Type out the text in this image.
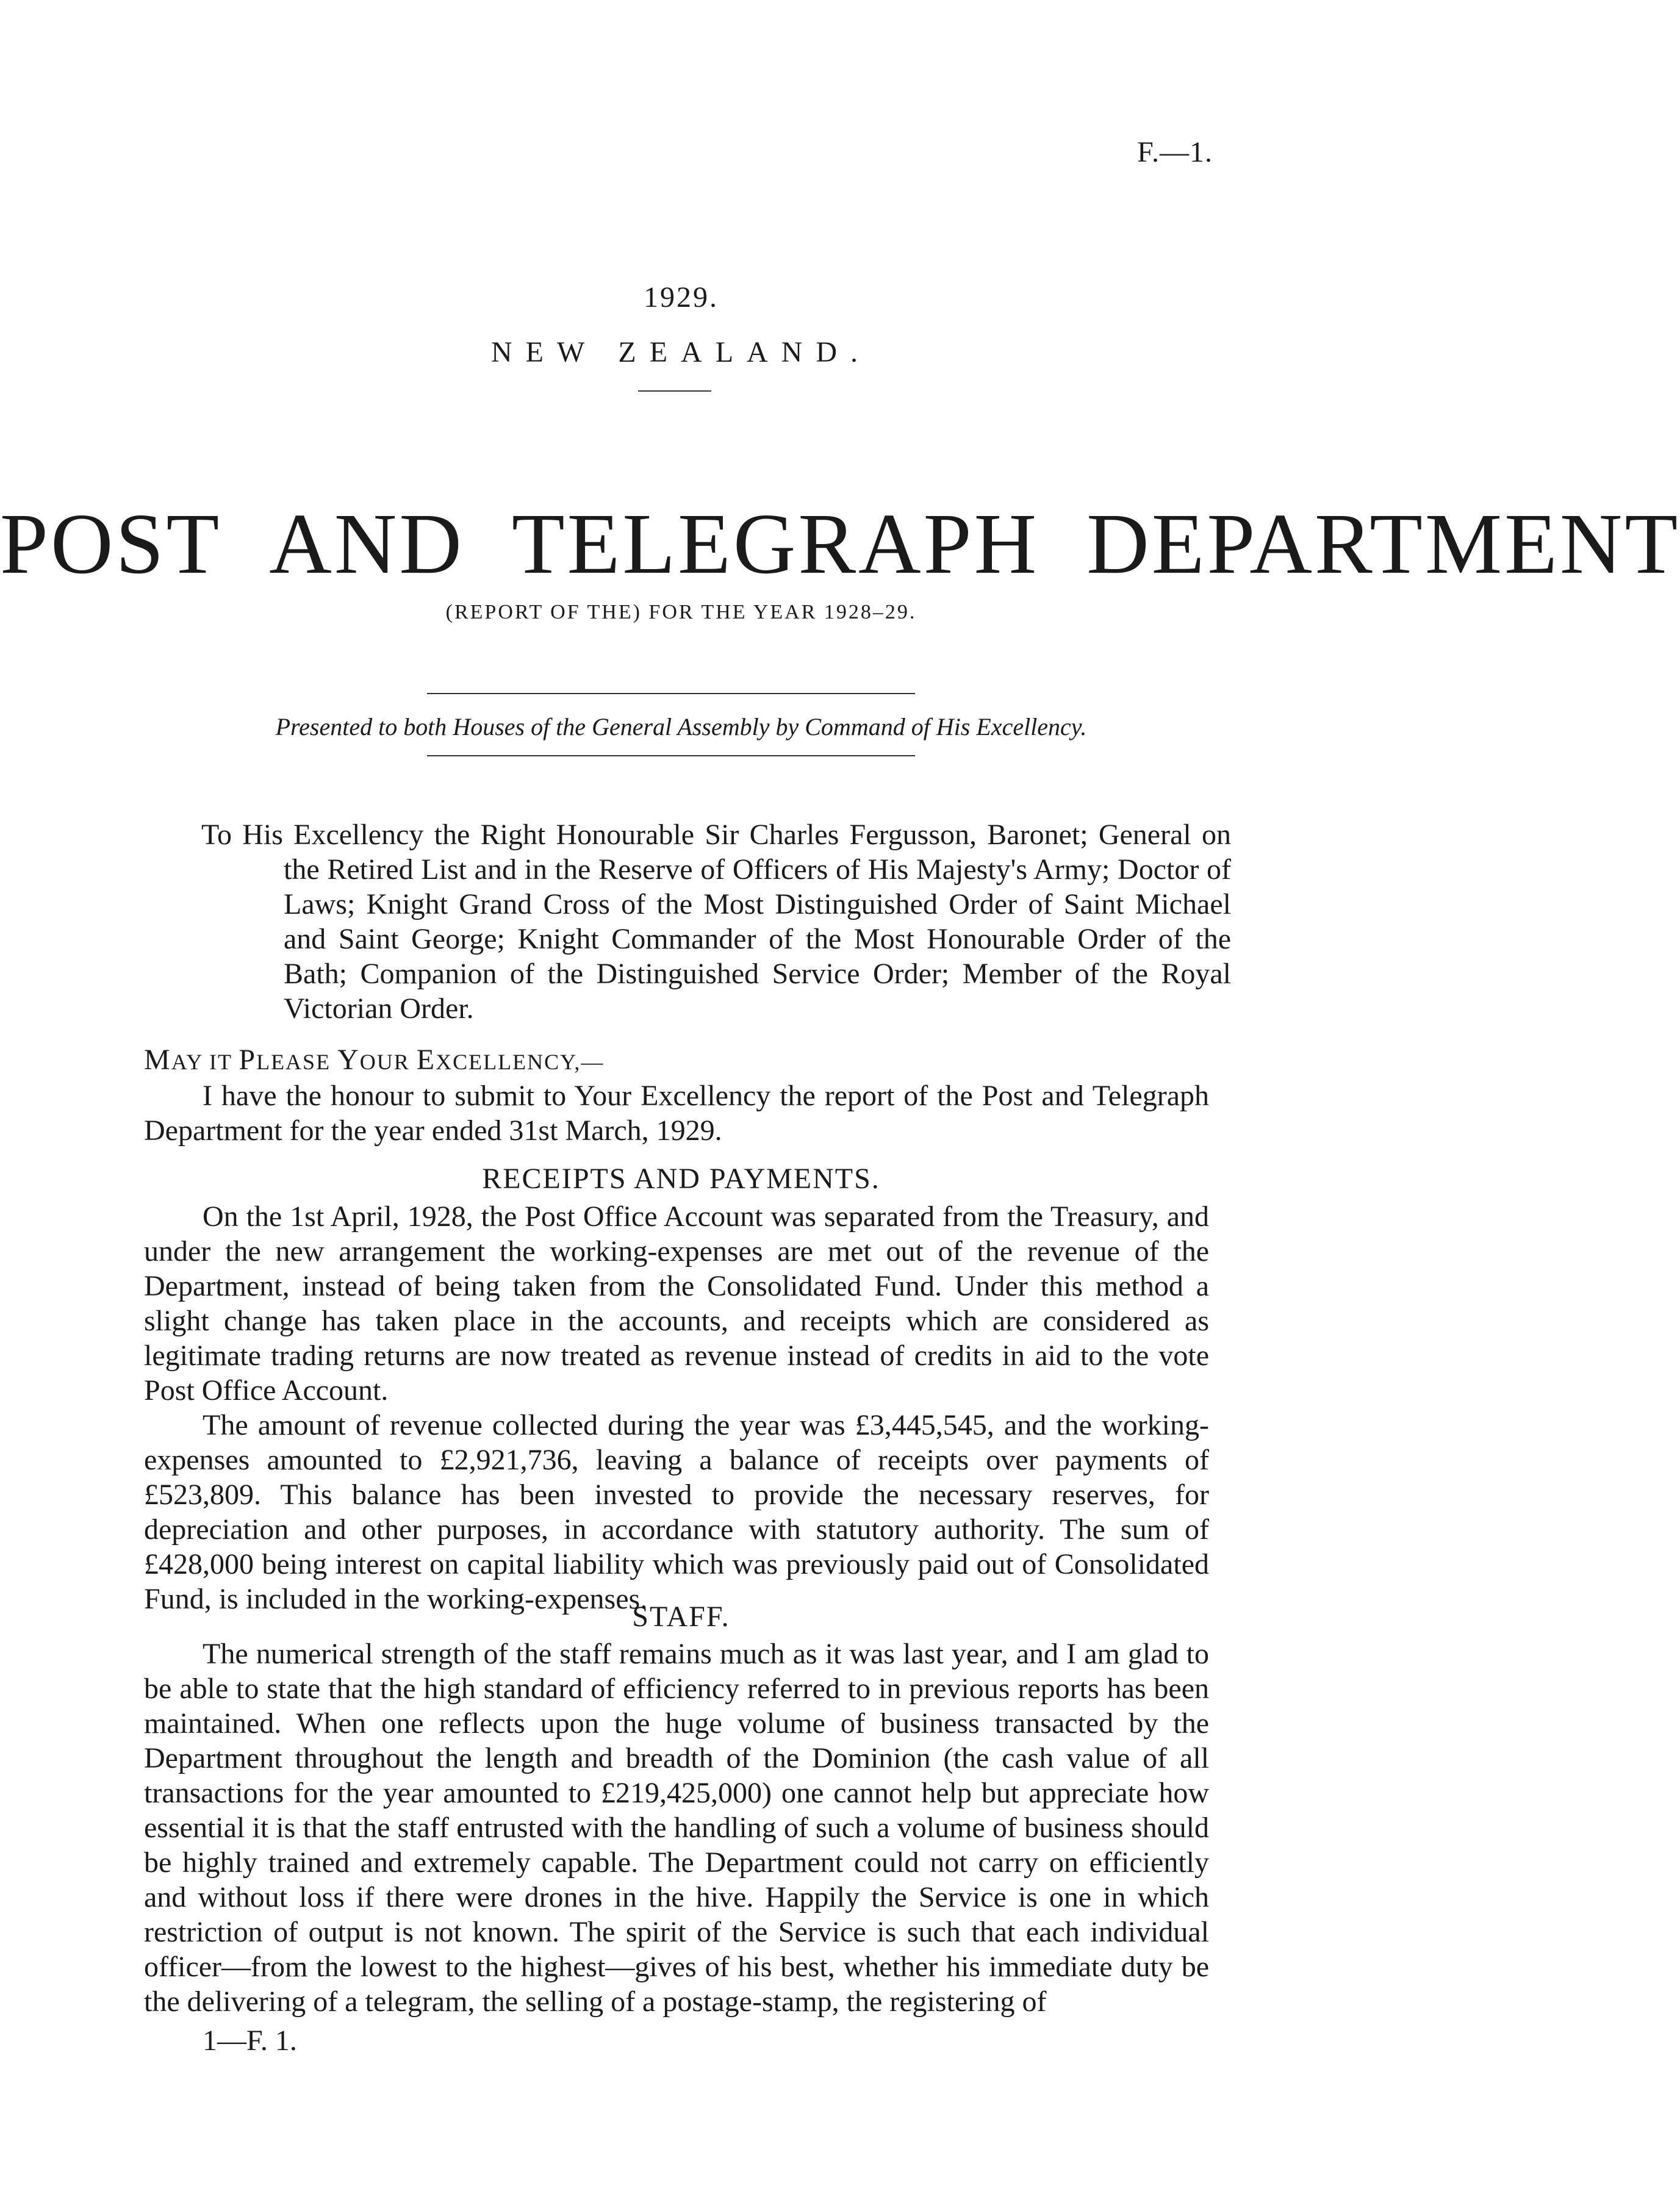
F.—1.
1929.
NEW ZEALAND.
POST AND TELEGRAPH DEPARTMENT
(REPORT OF THE) FOR THE YEAR 1928–29.
Presented to both Houses of the General Assembly by Command of His Excellency.

To His Excellency the Right Honourable Sir Charles Fergusson, Baronet; General on the Retired List and in the Reserve of Officers of His Majesty's Army; Doctor of Laws; Knight Grand Cross of the Most Distinguished Order of Saint Michael and Saint George; Knight Commander of the Most Honourable Order of the Bath; Companion of the Distinguished Service Order; Member of the Royal Victorian Order.

MAY IT PLEASE YOUR EXCELLENCY,—

I have the honour to submit to Your Excellency the report of the Post and Telegraph Department for the year ended 31st March, 1929.

RECEIPTS AND PAYMENTS.

On the 1st April, 1928, the Post Office Account was separated from the Treasury, and under the new arrangement the working-expenses are met out of the revenue of the Department, instead of being taken from the Consolidated Fund. Under this method a slight change has taken place in the accounts, and receipts which are considered as legitimate trading returns are now treated as revenue instead of credits in aid to the vote Post Office Account.

The amount of revenue collected during the year was £3,445,545, and the working-expenses amounted to £2,921,736, leaving a balance of receipts over payments of £523,809. This balance has been invested to provide the necessary reserves, for depreciation and other purposes, in accordance with statutory authority. The sum of £428,000 being interest on capital liability which was previously paid out of Consolidated Fund, is included in the working-expenses.

STAFF.

The numerical strength of the staff remains much as it was last year, and I am glad to be able to state that the high standard of efficiency referred to in previous reports has been maintained. When one reflects upon the huge volume of business transacted by the Department throughout the length and breadth of the Dominion (the cash value of all transactions for the year amounted to £219,425,000) one cannot help but appreciate how essential it is that the staff entrusted with the handling of such a volume of business should be highly trained and extremely capable. The Department could not carry on efficiently and without loss if there were drones in the hive. Happily the Service is one in which restriction of output is not known. The spirit of the Service is such that each individual officer—from the lowest to the highest—gives of his best, whether his immediate duty be the delivering of a telegram, the selling of a postage-stamp, the registering of

1—F. 1.
